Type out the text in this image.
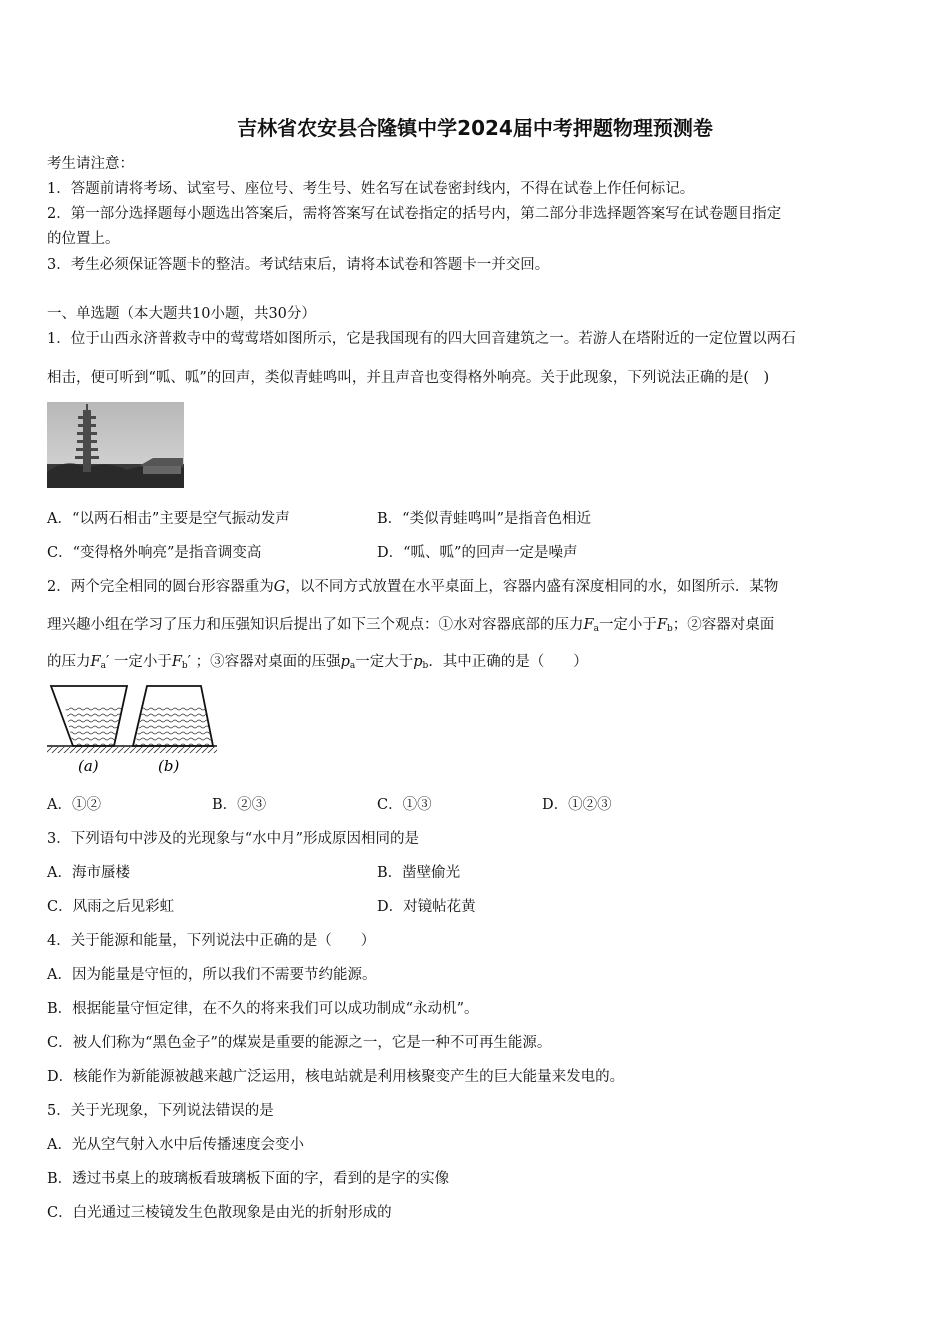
吉林省农安县合隆镇中学2024届中考押题物理预测卷
考生请注意：
1．答题前请将考场、试室号、座位号、考生号、姓名写在试卷密封线内，不得在试卷上作任何标记。
2．第一部分选择题每小题选出答案后，需将答案写在试卷指定的括号内，第二部分非选择题答案写在试卷题目指定
的位置上。
3．考生必须保证答题卡的整洁。考试结束后，请将本试卷和答题卡一并交回。
一、单选题（本大题共10小题，共30分）
1．位于山西永济普救寺中的莺莺塔如图所示，它是我国现有的四大回音建筑之一。若游人在塔附近的一定位置以两石
相击，便可听到“呱、呱”的回声，类似青蛙鸣叫，并且声音也变得格外响亮。关于此现象，下列说法正确的是(　)
A．“以两石相击”主要是空气振动发声	B．“类似青蛙鸣叫”是指音色相近
C．“变得格外响亮”是指音调变高	D．“呱、呱”的回声一定是噪声
2．两个完全相同的圆台形容器重为G，以不同方式放置在水平桌面上，容器内盛有深度相同的水，如图所示．某物
理兴趣小组在学习了压力和压强知识后提出了如下三个观点：①水对容器底部的压力$F_a$一定小于$F_b$；②容器对桌面
的压力$F_a'$ 一定小于$F_b'$ ；③容器对桌面的压强$p_a$一定大于$p_b$．其中正确的是（　　）
(a)	(b)
A．①②	B．②③	C．①③	D．①②③
3．下列语句中涉及的光现象与“水中月”形成原因相同的是
A．海市蜃楼	B．凿壁偷光
C．风雨之后见彩虹	D．对镜帖花黄
4．关于能源和能量，下列说法中正确的是（　　）
A．因为能量是守恒的，所以我们不需要节约能源。
B．根据能量守恒定律，在不久的将来我们可以成功制成“永动机”。
C．被人们称为“黑色金子”的煤炭是重要的能源之一，它是一种不可再生能源。
D．核能作为新能源被越来越广泛运用，核电站就是利用核聚变产生的巨大能量来发电的。
5．关于光现象，下列说法错误的是
A．光从空气射入水中后传播速度会变小
B．透过书桌上的玻璃板看玻璃板下面的字，看到的是字的实像
C．白光通过三棱镜发生色散现象是由光的折射形成的
